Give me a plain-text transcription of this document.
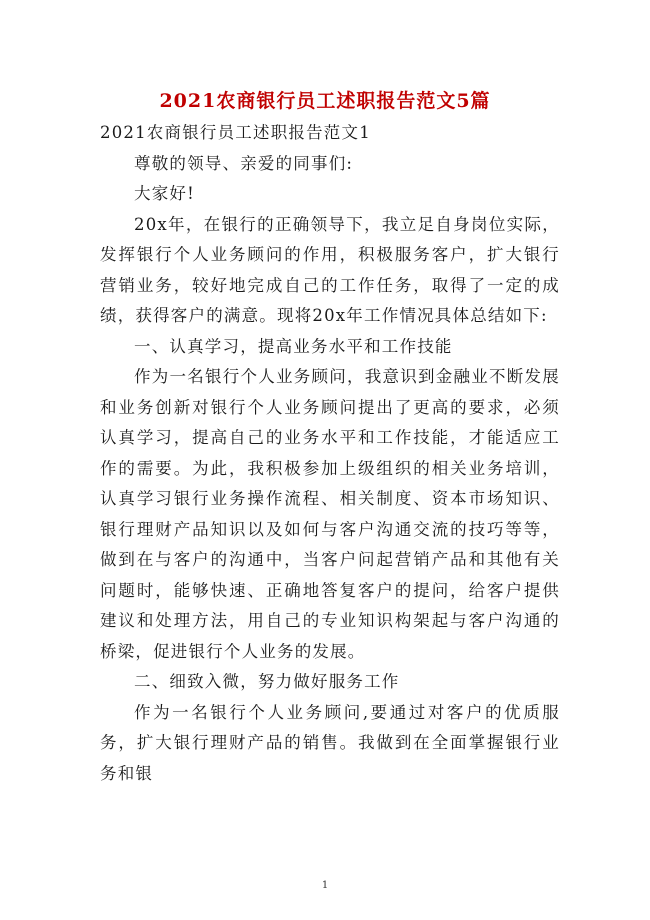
2021农商银行员工述职报告范文5篇

2021农商银行员工述职报告范文1

尊敬的领导、亲爱的同事们:

大家好!

20x年，在银行的正确领导下，我立足自身岗位实际，发挥银行个人业务顾问的作用，积极服务客户，扩大银行营销业务，较好地完成自己的工作任务，取得了一定的成绩，获得客户的满意。现将20x年工作情况具体总结如下:

一、认真学习，提高业务水平和工作技能

作为一名银行个人业务顾问，我意识到金融业不断发展和业务创新对银行个人业务顾问提出了更高的要求，必须认真学习，提高自己的业务水平和工作技能，才能适应工作的需要。为此，我积极参加上级组织的相关业务培训，认真学习银行业务操作流程、相关制度、资本市场知识、银行理财产品知识以及如何与客户沟通交流的技巧等等，做到在与客户的沟通中，当客户问起营销产品和其他有关问题时，能够快速、正确地答复客户的提问，给客户提供建议和处理方法，用自己的专业知识构架起与客户沟通的桥梁，促进银行个人业务的发展。

二、细致入微，努力做好服务工作

作为一名银行个人业务顾问,要通过对客户的优质服务，扩大银行理财产品的销售。我做到在全面掌握银行业务和银

1
